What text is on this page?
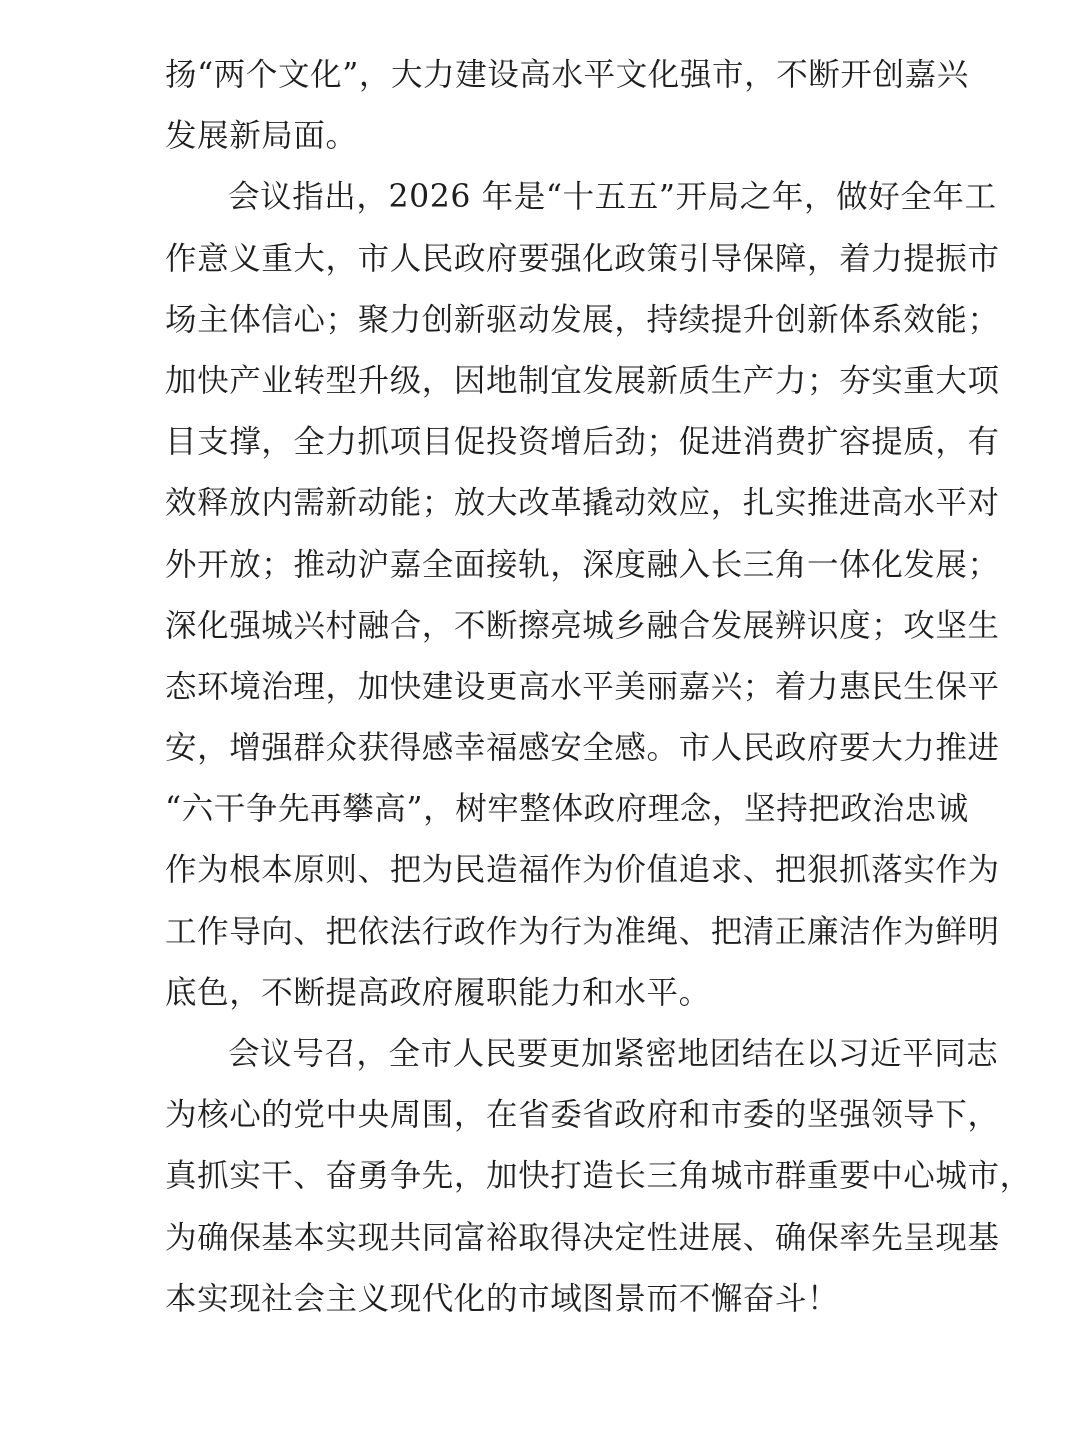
扬“两个文化”，大力建设高水平文化强市，不断开创嘉兴
发展新局面。
会议指出，2026 年是“十五五”开局之年，做好全年工
作意义重大，市人民政府要强化政策引导保障，着力提振市
场主体信心；聚力创新驱动发展，持续提升创新体系效能；
加快产业转型升级，因地制宜发展新质生产力；夯实重大项
目支撑，全力抓项目促投资增后劲；促进消费扩容提质，有
效释放内需新动能；放大改革撬动效应，扎实推进高水平对
外开放；推动沪嘉全面接轨，深度融入长三角一体化发展；
深化强城兴村融合，不断擦亮城乡融合发展辨识度；攻坚生
态环境治理，加快建设更高水平美丽嘉兴；着力惠民生保平
安，增强群众获得感幸福感安全感。市人民政府要大力推进
“六干争先再攀高”，树牢整体政府理念，坚持把政治忠诚
作为根本原则、把为民造福作为价值追求、把狠抓落实作为
工作导向、把依法行政作为行为准绳、把清正廉洁作为鲜明
底色，不断提高政府履职能力和水平。
会议号召，全市人民要更加紧密地团结在以习近平同志
为核心的党中央周围，在省委省政府和市委的坚强领导下，
真抓实干、奋勇争先，加快打造长三角城市群重要中心城市，
为确保基本实现共同富裕取得决定性进展、确保率先呈现基
本实现社会主义现代化的市域图景而不懈奋斗！
